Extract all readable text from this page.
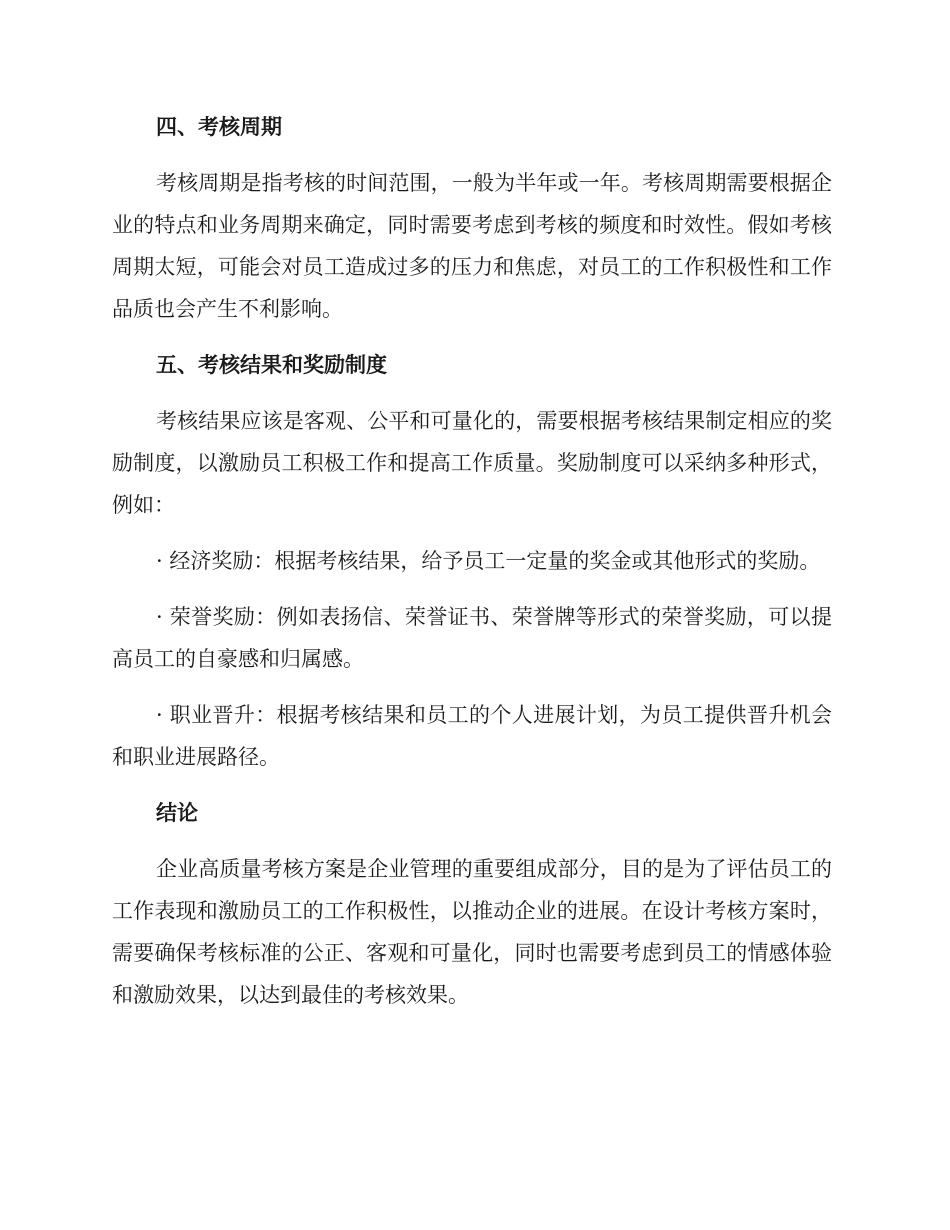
四、考核周期

考核周期是指考核的时间范围，一般为半年或一年。考核周期需要根据企业的特点和业务周期来确定，同时需要考虑到考核的频度和时效性。假如考核周期太短，可能会对员工造成过多的压力和焦虑，对员工的工作积极性和工作品质也会产生不利影响。

五、考核结果和奖励制度

考核结果应该是客观、公平和可量化的，需要根据考核结果制定相应的奖励制度，以激励员工积极工作和提高工作质量。奖励制度可以采纳多种形式，例如：

· 经济奖励：根据考核结果，给予员工一定量的奖金或其他形式的奖励。

· 荣誉奖励：例如表扬信、荣誉证书、荣誉牌等形式的荣誉奖励，可以提高员工的自豪感和归属感。

· 职业晋升：根据考核结果和员工的个人进展计划，为员工提供晋升机会和职业进展路径。

结论

企业高质量考核方案是企业管理的重要组成部分，目的是为了评估员工的工作表现和激励员工的工作积极性，以推动企业的进展。在设计考核方案时，需要确保考核标准的公正、客观和可量化，同时也需要考虑到员工的情感体验和激励效果，以达到最佳的考核效果。
